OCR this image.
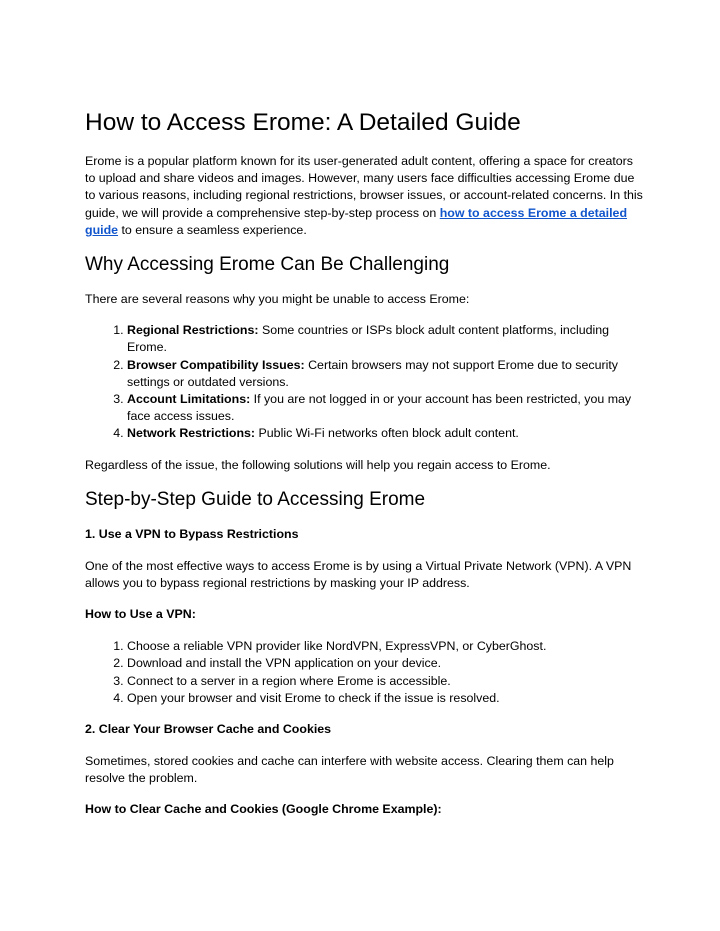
How to Access Erome: A Detailed Guide

Erome is a popular platform known for its user-generated adult content, offering a space for creators to upload and share videos and images. However, many users face difficulties accessing Erome due to various reasons, including regional restrictions, browser issues, or account-related concerns. In this guide, we will provide a comprehensive step-by-step process on how to access Erome a detailed guide to ensure a seamless experience.

Why Accessing Erome Can Be Challenging

There are several reasons why you might be unable to access Erome:

1. Regional Restrictions: Some countries or ISPs block adult content platforms, including Erome.
2. Browser Compatibility Issues: Certain browsers may not support Erome due to security settings or outdated versions.
3. Account Limitations: If you are not logged in or your account has been restricted, you may face access issues.
4. Network Restrictions: Public Wi-Fi networks often block adult content.

Regardless of the issue, the following solutions will help you regain access to Erome.

Step-by-Step Guide to Accessing Erome
1. Use a VPN to Bypass Restrictions

One of the most effective ways to access Erome is by using a Virtual Private Network (VPN). A VPN allows you to bypass regional restrictions by masking your IP address.

How to Use a VPN:
1. Choose a reliable VPN provider like NordVPN, ExpressVPN, or CyberGhost.
2. Download and install the VPN application on your device.
3. Connect to a server in a region where Erome is accessible.
4. Open your browser and visit Erome to check if the issue is resolved.
2. Clear Your Browser Cache and Cookies

Sometimes, stored cookies and cache can interfere with website access. Clearing them can help resolve the problem.

How to Clear Cache and Cookies (Google Chrome Example):
